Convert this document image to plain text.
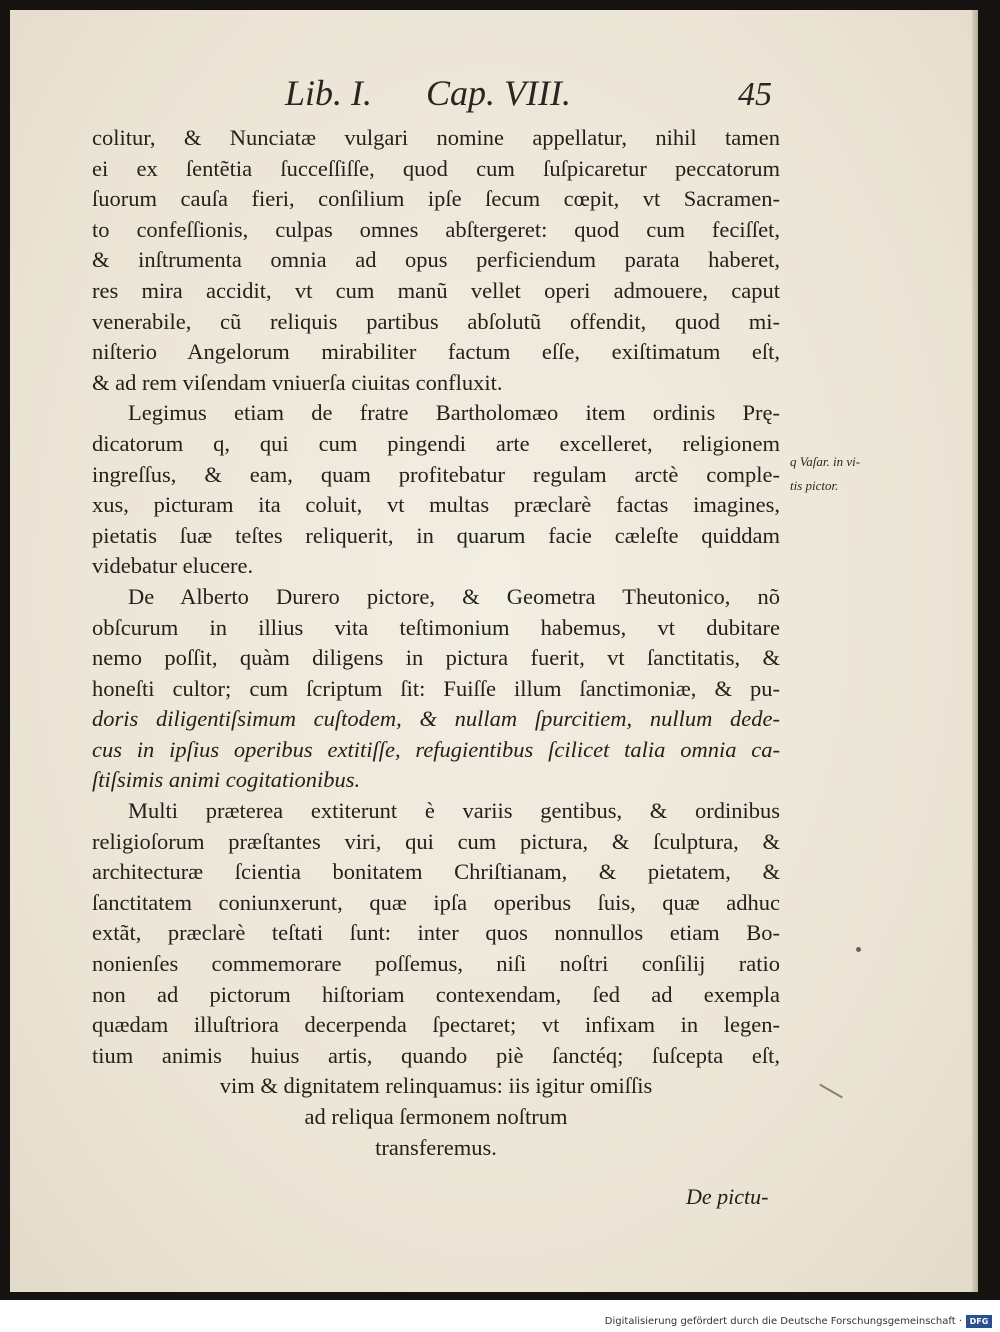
Lib. I. Cap. VIII.	45
colitur, & Nunciatæ vulgari nomine appellatur, nihil tamen
ei ex ſentẽtia ſucceſſiſſe, quod cum ſuſpicaretur peccatorum
ſuorum cauſa fieri, conſilium ipſe ſecum cœpit, vt Sacramen-
to confeſſionis, culpas omnes abſtergeret: quod cum feciſſet,
& inſtrumenta omnia ad opus perficiendum parata haberet,
res mira accidit, vt cum manũ vellet operi admouere, caput
venerabile, cũ reliquis partibus abſolutũ offendit, quod mi-
niſterio Angelorum mirabiliter factum eſſe, exiſtimatum eſt,
& ad rem viſendam vniuerſa ciuitas confluxit.
Legimus etiam de fratre Bartholomæo item ordinis Prę-
dicatorum q, qui cum pingendi arte excelleret, religionem
ingreſſus, & eam, quam profitebatur regulam arctè comple-
xus, picturam ita coluit, vt multas præclarè factas imagines,
pietatis ſuæ teſtes reliquerit, in quarum facie cæleſte quiddam
videbatur elucere.
De Alberto Durero pictore, & Geometra Theutonico, nõ
obſcurum in illius vita teſtimonium habemus, vt dubitare
nemo poſſit, quàm diligens in pictura fuerit, vt ſanctitatis, &
honeſti cultor; cum ſcriptum ſit: Fuiſſe illum ſanctimoniæ, & pu-
doris diligentiſsimum cuſtodem, & nullam ſpurcitiem, nullum dede-
cus in ipſius operibus extitiſſe, refugientibus ſcilicet talia omnia ca-
ſtiſsimis animi cogitationibus.
Multi præterea extiterunt è variis gentibus, & ordinibus
religioſorum præſtantes viri, qui cum pictura, & ſculptura, &
architecturæ ſcientia bonitatem Chriſtianam, & pietatem, &
ſanctitatem coniunxerunt, quæ ipſa operibus ſuis, quæ adhuc
extãt, præclarè teſtati ſunt: inter quos nonnullos etiam Bo-
nonienſes commemorare poſſemus, niſi noſtri conſilij ratio
non ad pictorum hiſtoriam contexendam, ſed ad exempla
quædam illuſtriora decerpenda ſpectaret; vt infixam in legen-
tium animis huius artis, quando piè ſanctéq; ſuſcepta eſt,
vim & dignitatem relinquamus: iis igitur omiſſis
ad reliqua ſermonem noſtrum
transferemus.
q Vaſar. in vi-
tis pictor.
De pictu-
Digitalisierung gefördert durch die Deutsche Forschungsgemeinschaft · DFG
